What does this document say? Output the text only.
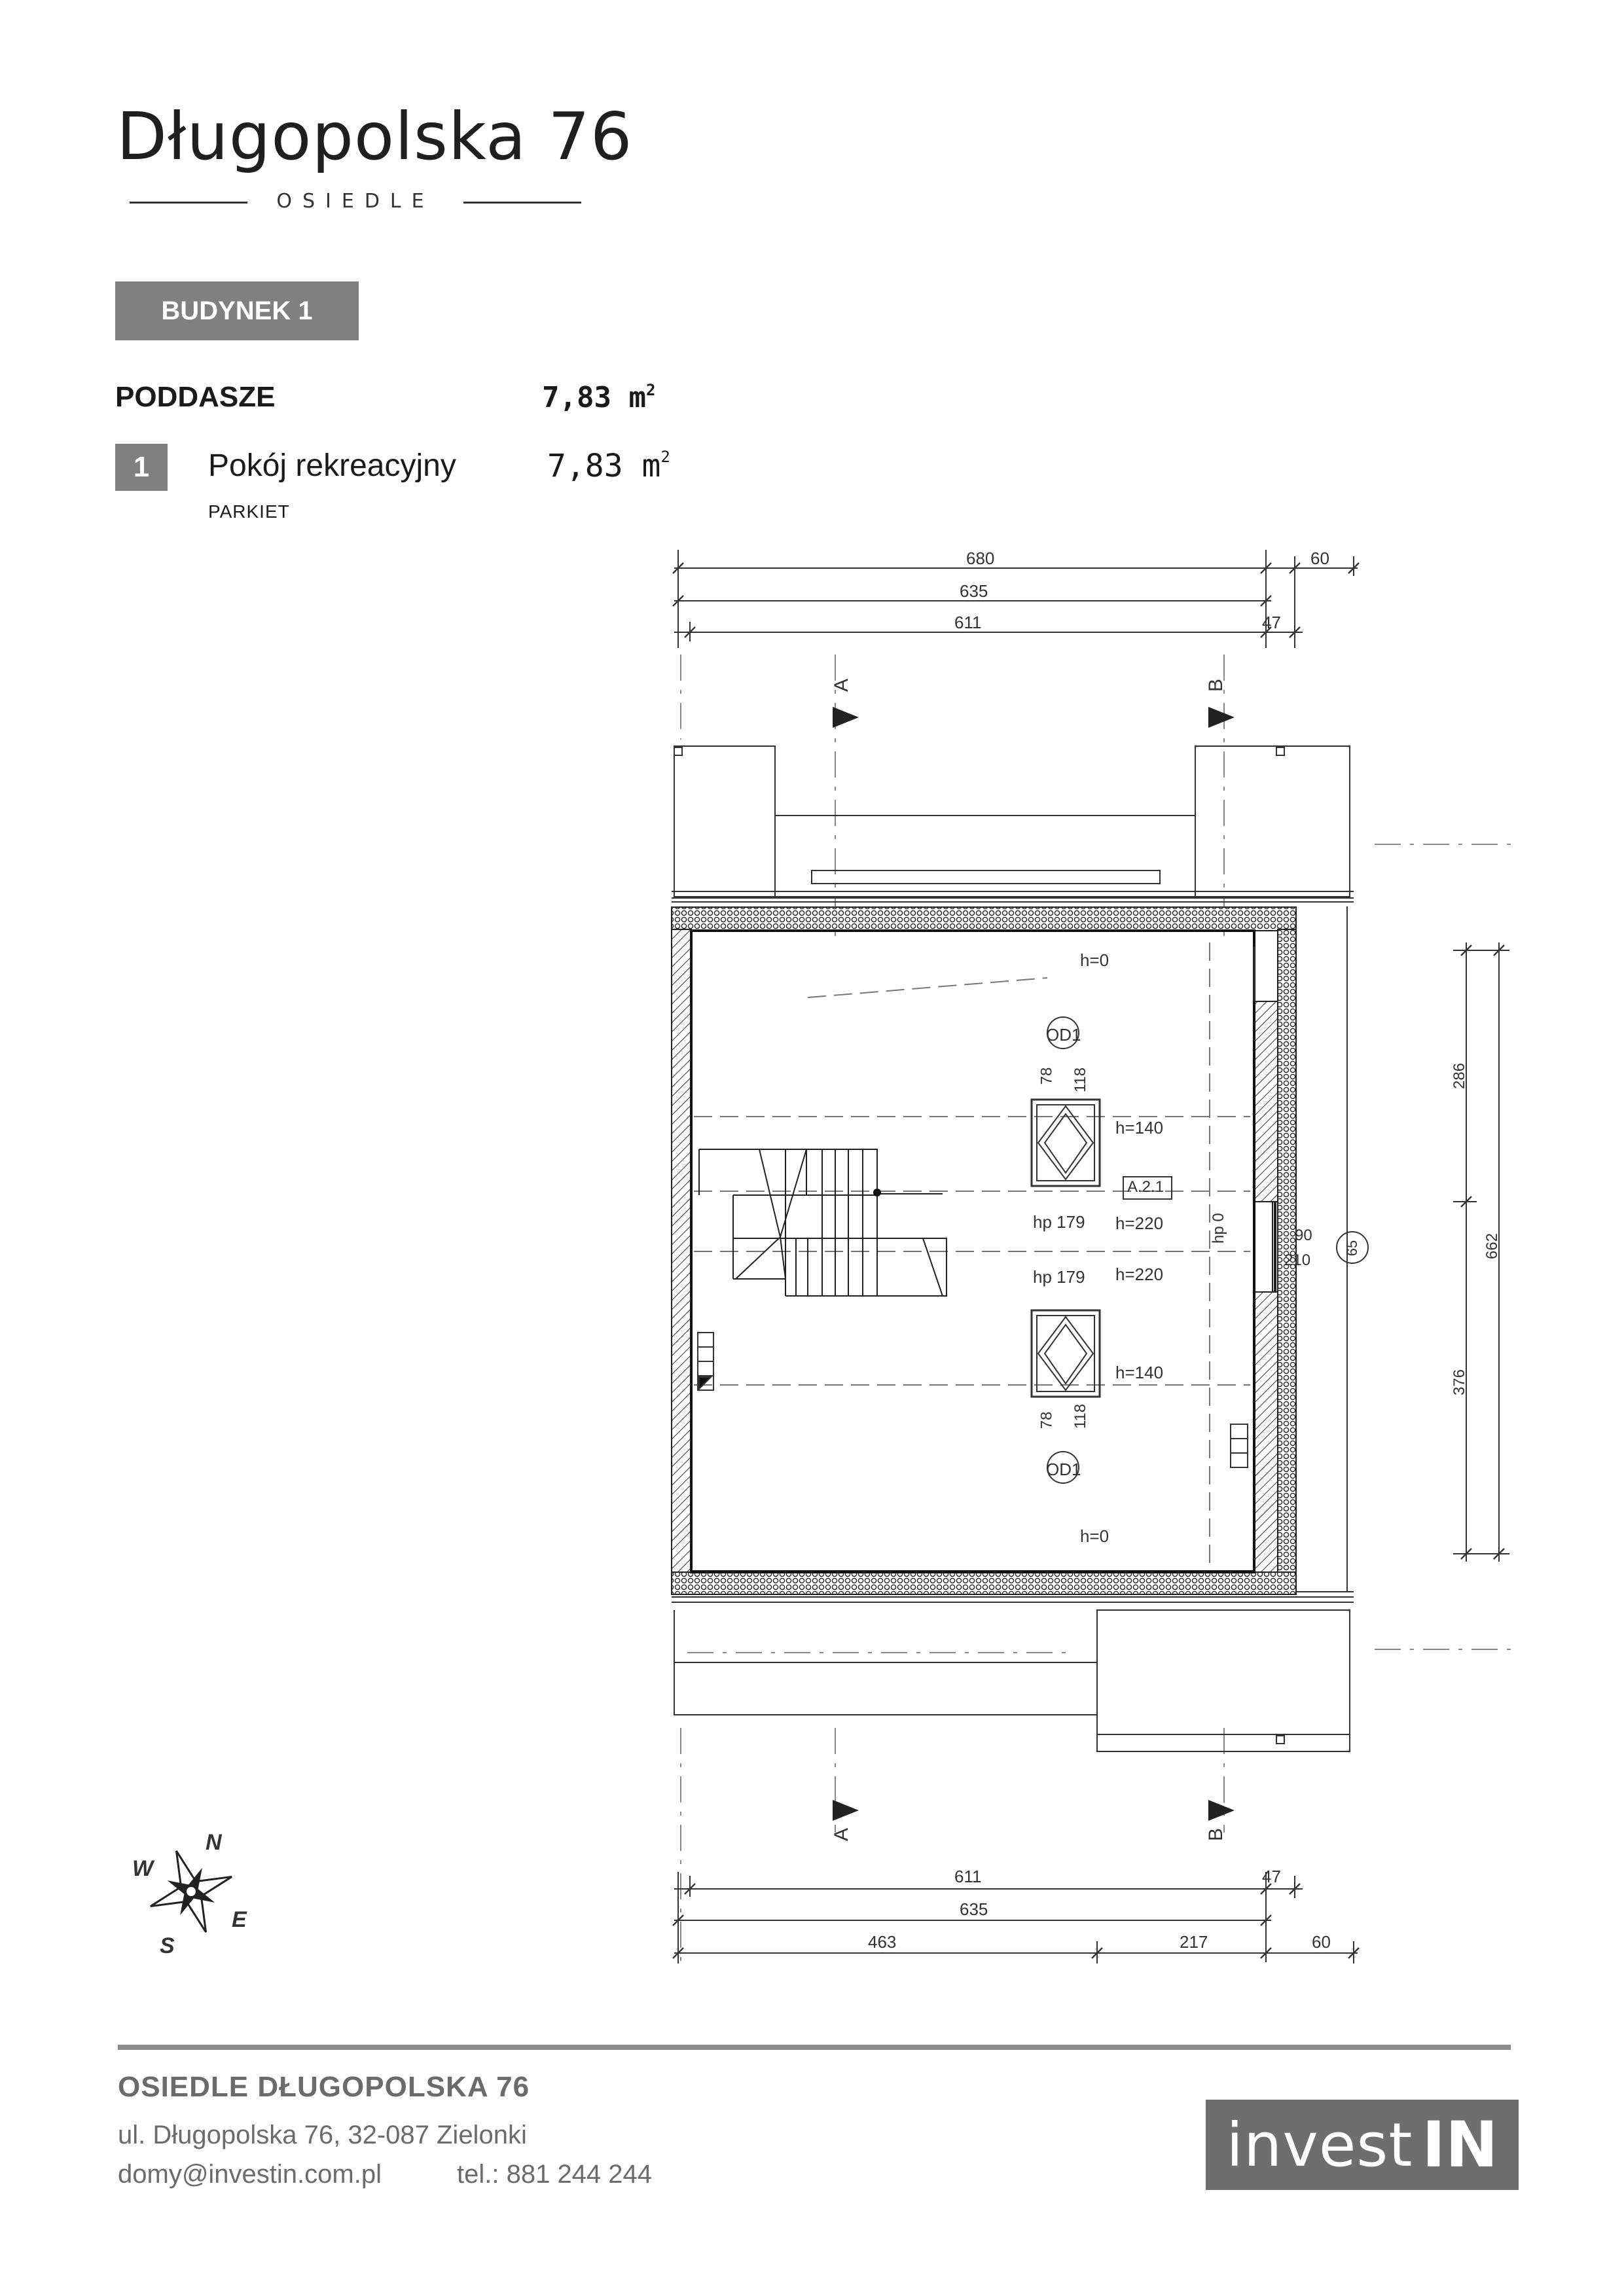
Długopolska 76
OSIEDLE
BUDYNEK 1
PODDASZE	7,83 $m^2$
1	Pokój rekreacyjny	7,83 $m^2$
PARKIET
680	60
635
611	47
A	B
A	B
h=0
h=0
OD1
OD1
78 118
78 118
h=140
h=140
A.2.1
hp 179
hp 179
h=220
h=220
hp 0	90
210
286
662
376
65
611	47
635
463	217	60
N
W
E
S
OSIEDLE DŁUGOPOLSKA 76
ul. Długopolska 76, 32-087 Zielonki
domy@investin.com.pl	tel.: 881 244 244	invest IN
